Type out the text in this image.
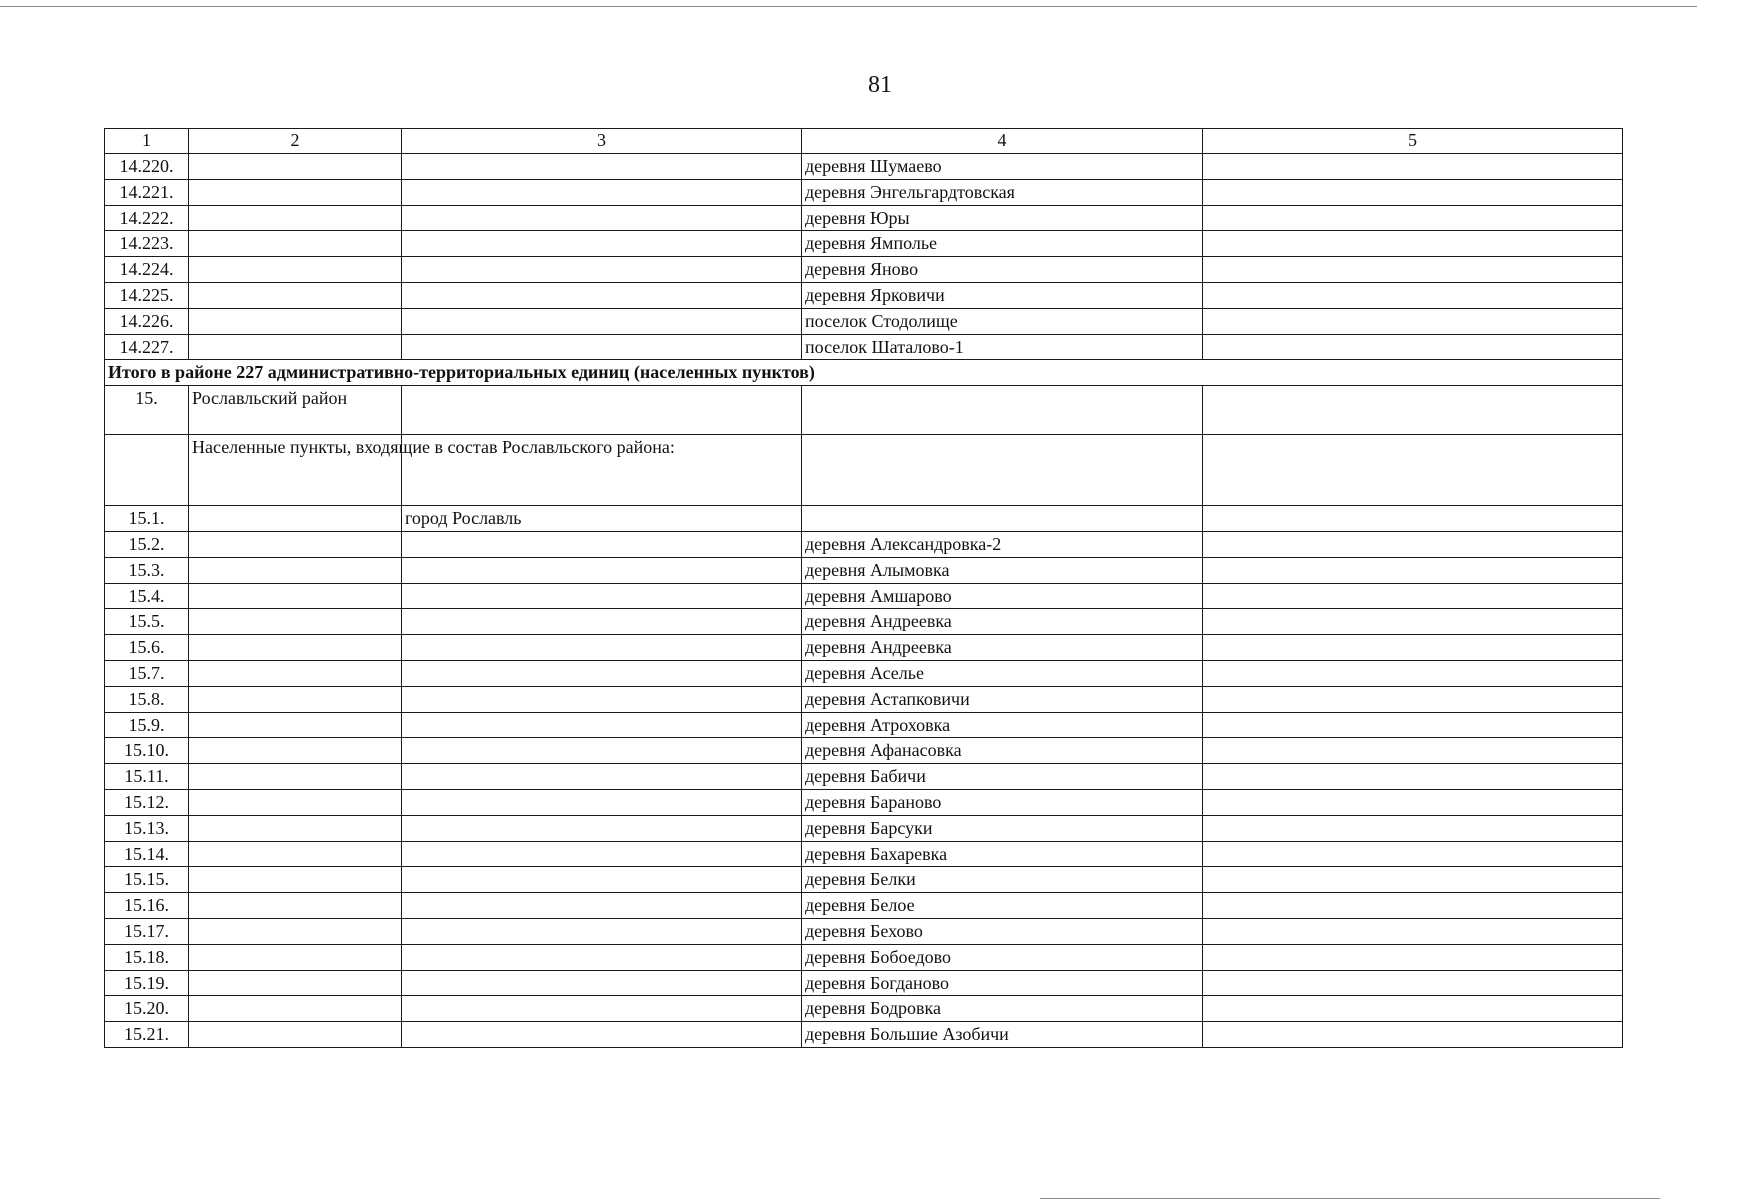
81
1	2	3	4	5
14.220.			деревня Шумаево	
14.221.			деревня Энгельгардтовская	
14.222.			деревня Юры	
14.223.			деревня Ямполье	
14.224.			деревня Яново	
14.225.			деревня Ярковичи	
14.226.			поселок Стодолище	
14.227.			поселок Шаталово-1	
Итого в районе 227 административно-территориальных единиц (населенных пунктов)				
15.	Рославльский район			
	Населенные пункты, входящие в состав Рославльского района:			
15.1.		город Рославль		
15.2.			деревня Александровка-2	
15.3.			деревня Алымовка	
15.4.			деревня Амшарово	
15.5.			деревня Андреевка	
15.6.			деревня Андреевка	
15.7.			деревня Аселье	
15.8.			деревня Астапковичи	
15.9.			деревня Атроховка	
15.10.			деревня Афанасовка	
15.11.			деревня Бабичи	
15.12.			деревня Бараново	
15.13.			деревня Барсуки	
15.14.			деревня Бахаревка	
15.15.			деревня Белки	
15.16.			деревня Белое	
15.17.			деревня Бехово	
15.18.			деревня Бобоедово	
15.19.			деревня Богданово	
15.20.			деревня Бодровка	
15.21.			деревня Большие Азобичи	
